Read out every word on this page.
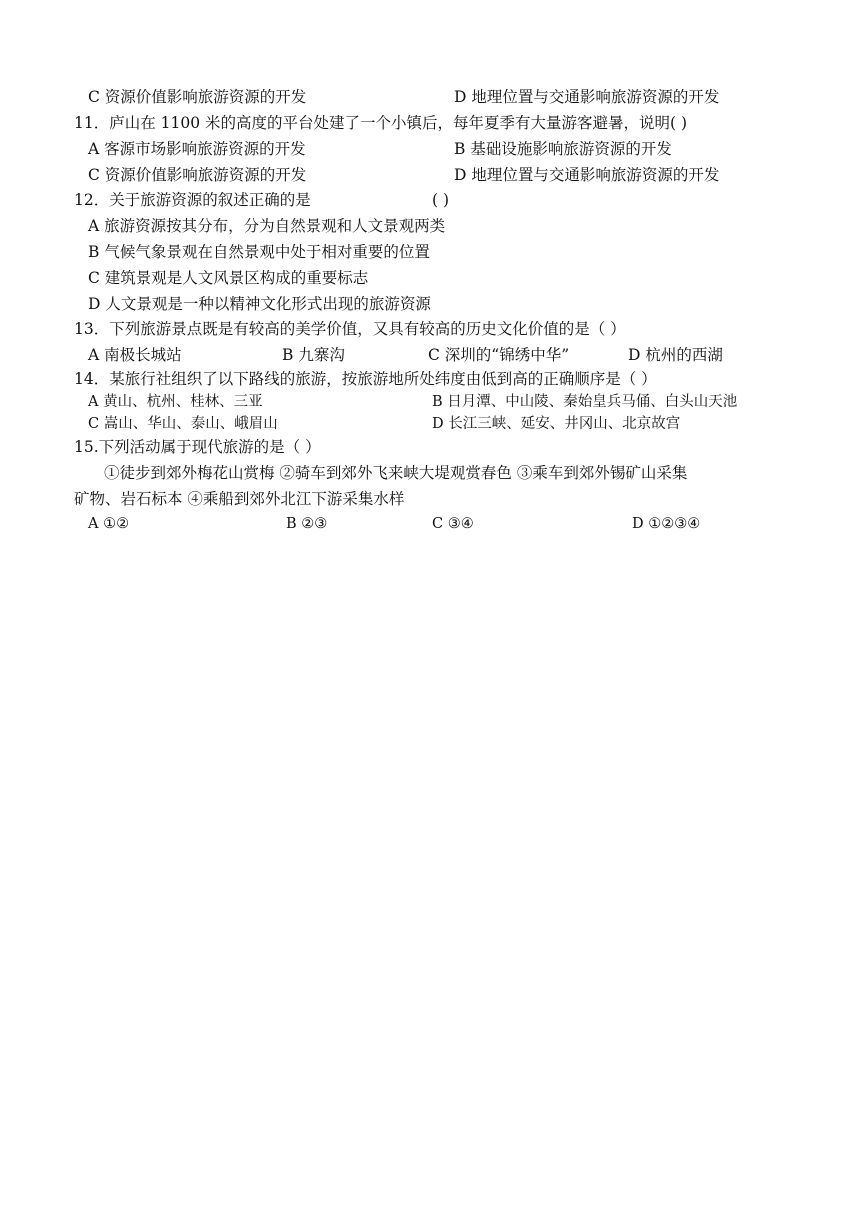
C 资源价值影响旅游资源的开发	D 地理位置与交通影响旅游资源的开发
11．庐山在 1100 米的高度的平台处建了一个小镇后，每年夏季有大量游客避暑，说明( )
A 客源市场影响旅游资源的开发	B 基础设施影响旅游资源的开发
C 资源价值影响旅游资源的开发	D 地理位置与交通影响旅游资源的开发
12．关于旅游资源的叙述正确的是	( )
A 旅游资源按其分布，分为自然景观和人文景观两类
B 气候气象景观在自然景观中处于相对重要的位置
C 建筑景观是人文风景区构成的重要标志
D 人文景观是一种以精神文化形式出现的旅游资源
13．下列旅游景点既是有较高的美学价值，又具有较高的历史文化价值的是（ ）
A 南极长城站	B 九寨沟	C 深圳的“锦绣中华”	D 杭州的西湖
14．某旅行社组织了以下路线的旅游，按旅游地所处纬度由低到高的正确顺序是（ ）
A 黄山、杭州、桂林、三亚	B 日月潭、中山陵、秦始皇兵马俑、白头山天池
C 嵩山、华山、泰山、峨眉山	D 长江三峡、延安、井冈山、北京故宫
15.下列活动属于现代旅游的是（ ）
①徒步到郊外梅花山赏梅 ②骑车到郊外飞来峡大堤观赏春色 ③乘车到郊外锡矿山采集
矿物、岩石标本 ④乘船到郊外北江下游采集水样
A ①②	B ②③	C ③④	D ①②③④
